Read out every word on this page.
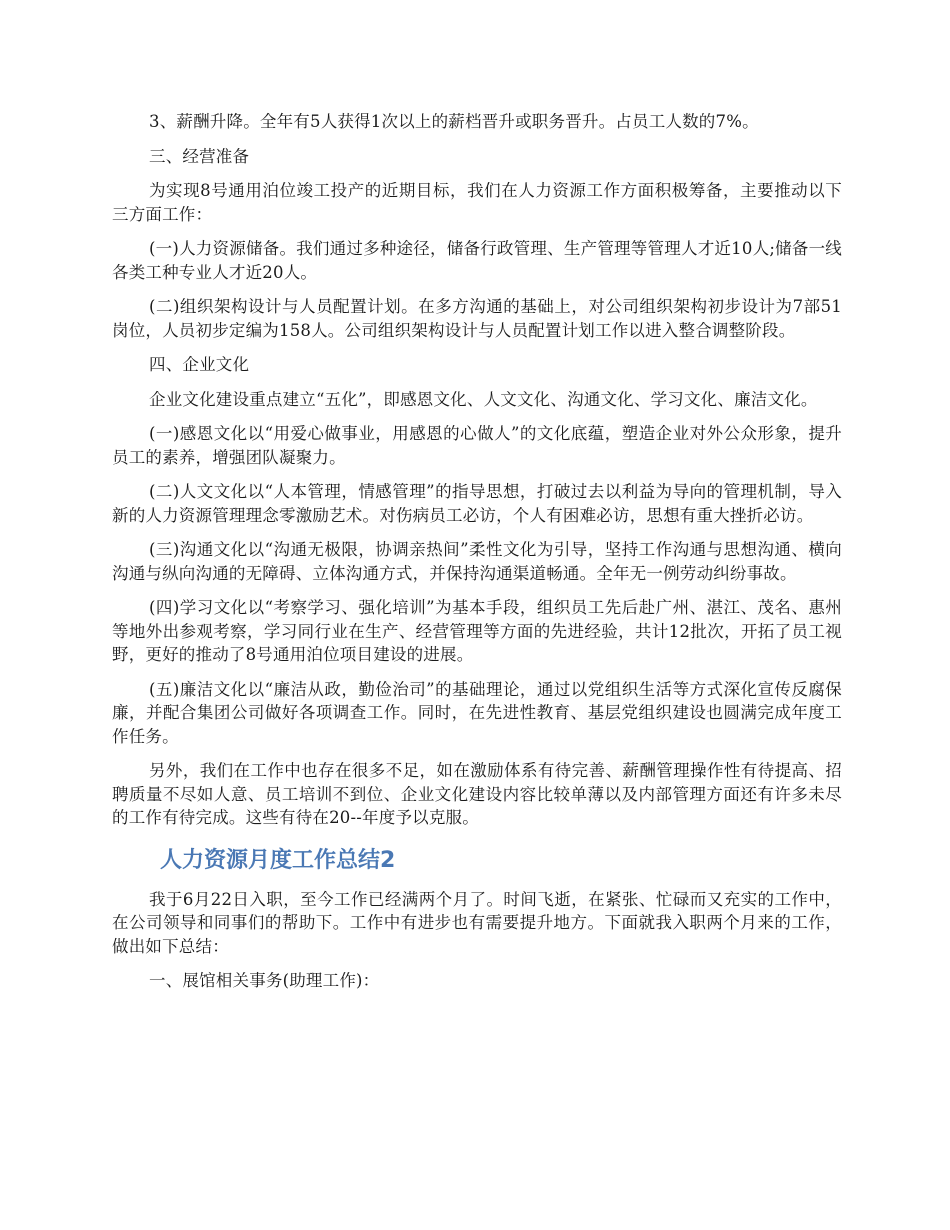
3、薪酬升降。全年有5人获得1次以上的薪档晋升或职务晋升。占员工人数的7%。

三、经营准备

为实现8号通用泊位竣工投产的近期目标，我们在人力资源工作方面积极筹备，主要推动以下三方面工作：

(一)人力资源储备。我们通过多种途径，储备行政管理、生产管理等管理人才近10人;储备一线各类工种专业人才近20人。

(二)组织架构设计与人员配置计划。在多方沟通的基础上，对公司组织架构初步设计为7部51岗位，人员初步定编为158人。公司组织架构设计与人员配置计划工作以进入整合调整阶段。

四、企业文化

企业文化建设重点建立“五化”，即感恩文化、人文文化、沟通文化、学习文化、廉洁文化。

(一)感恩文化以“用爱心做事业，用感恩的心做人”的文化底蕴，塑造企业对外公众形象，提升员工的素养，增强团队凝聚力。

(二)人文文化以“人本管理，情感管理”的指导思想，打破过去以利益为导向的管理机制，导入新的人力资源管理理念零激励艺术。对伤病员工必访，个人有困难必访，思想有重大挫折必访。

(三)沟通文化以“沟通无极限，协调亲热间”柔性文化为引导，坚持工作沟通与思想沟通、横向沟通与纵向沟通的无障碍、立体沟通方式，并保持沟通渠道畅通。全年无一例劳动纠纷事故。

(四)学习文化以“考察学习、强化培训”为基本手段，组织员工先后赴广州、湛江、茂名、惠州等地外出参观考察，学习同行业在生产、经营管理等方面的先进经验，共计12批次，开拓了员工视野，更好的推动了8号通用泊位项目建设的进展。

(五)廉洁文化以“廉洁从政，勤俭治司”的基础理论，通过以党组织生活等方式深化宣传反腐保廉，并配合集团公司做好各项调查工作。同时，在先进性教育、基层党组织建设也圆满完成年度工作任务。

另外，我们在工作中也存在很多不足，如在激励体系有待完善、薪酬管理操作性有待提高、招聘质量不尽如人意、员工培训不到位、企业文化建设内容比较单薄以及内部管理方面还有许多未尽的工作有待完成。这些有待在20--年度予以克服。

人力资源月度工作总结2

我于6月22日入职，至今工作已经满两个月了。时间飞逝，在紧张、忙碌而又充实的工作中，在公司领导和同事们的帮助下。工作中有进步也有需要提升地方。下面就我入职两个月来的工作，做出如下总结：

一、展馆相关事务(助理工作)：
